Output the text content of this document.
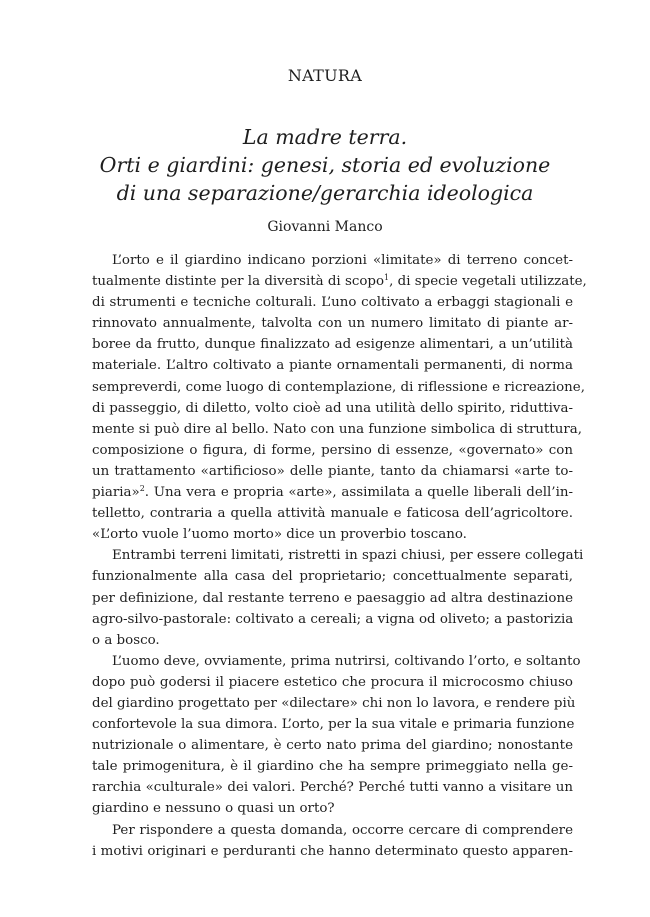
NATURA
La madre terra.
Orti e giardini: genesi, storia ed evoluzione
di una separazione/gerarchia ideologica
Giovanni Manco
L’orto e il giardino indicano porzioni «limitate» di terreno concet-
tualmente distinte per la diversità di scopo$^1$, di specie vegetali utilizzate,
di strumenti e tecniche colturali. L’uno coltivato a erbaggi stagionali e
rinnovato annualmente, talvolta con un numero limitato di piante ar-
boree da frutto, dunque finalizzato ad esigenze alimentari, a un’utilità
materiale. L’altro coltivato a piante ornamentali permanenti, di norma
sempreverdi, come luogo di contemplazione, di riflessione e ricreazione,
di passeggio, di diletto, volto cioè ad una utilità dello spirito, riduttiva-
mente si può dire al bello. Nato con una funzione simbolica di struttura,
composizione o figura, di forme, persino di essenze, «governato» con
un trattamento «artificioso» delle piante, tanto da chiamarsi «arte to-
piaria»$^2$. Una vera e propria «arte», assimilata a quelle liberali dell’in-
telletto, contraria a quella attività manuale e faticosa dell’agricoltore.
«L’orto vuole l’uomo morto» dice un proverbio toscano.
Entrambi terreni limitati, ristretti in spazi chiusi, per essere collegati
funzionalmente alla casa del proprietario; concettualmente separati,
per definizione, dal restante terreno e paesaggio ad altra destinazione
agro-silvo-pastorale: coltivato a cereali; a vigna od oliveto; a pastorizia
o a bosco.
L’uomo deve, ovviamente, prima nutrirsi, coltivando l’orto, e soltanto
dopo può godersi il piacere estetico che procura il microcosmo chiuso
del giardino progettato per «dilectare» chi non lo lavora, e rendere più
confortevole la sua dimora. L’orto, per la sua vitale e primaria funzione
nutrizionale o alimentare, è certo nato prima del giardino; nonostante
tale primogenitura, è il giardino che ha sempre primeggiato nella ge-
rarchia «culturale» dei valori. Perché? Perché tutti vanno a visitare un
giardino e nessuno o quasi un orto?
Per rispondere a questa domanda, occorre cercare di comprendere
i motivi originari e perduranti che hanno determinato questo apparen-
